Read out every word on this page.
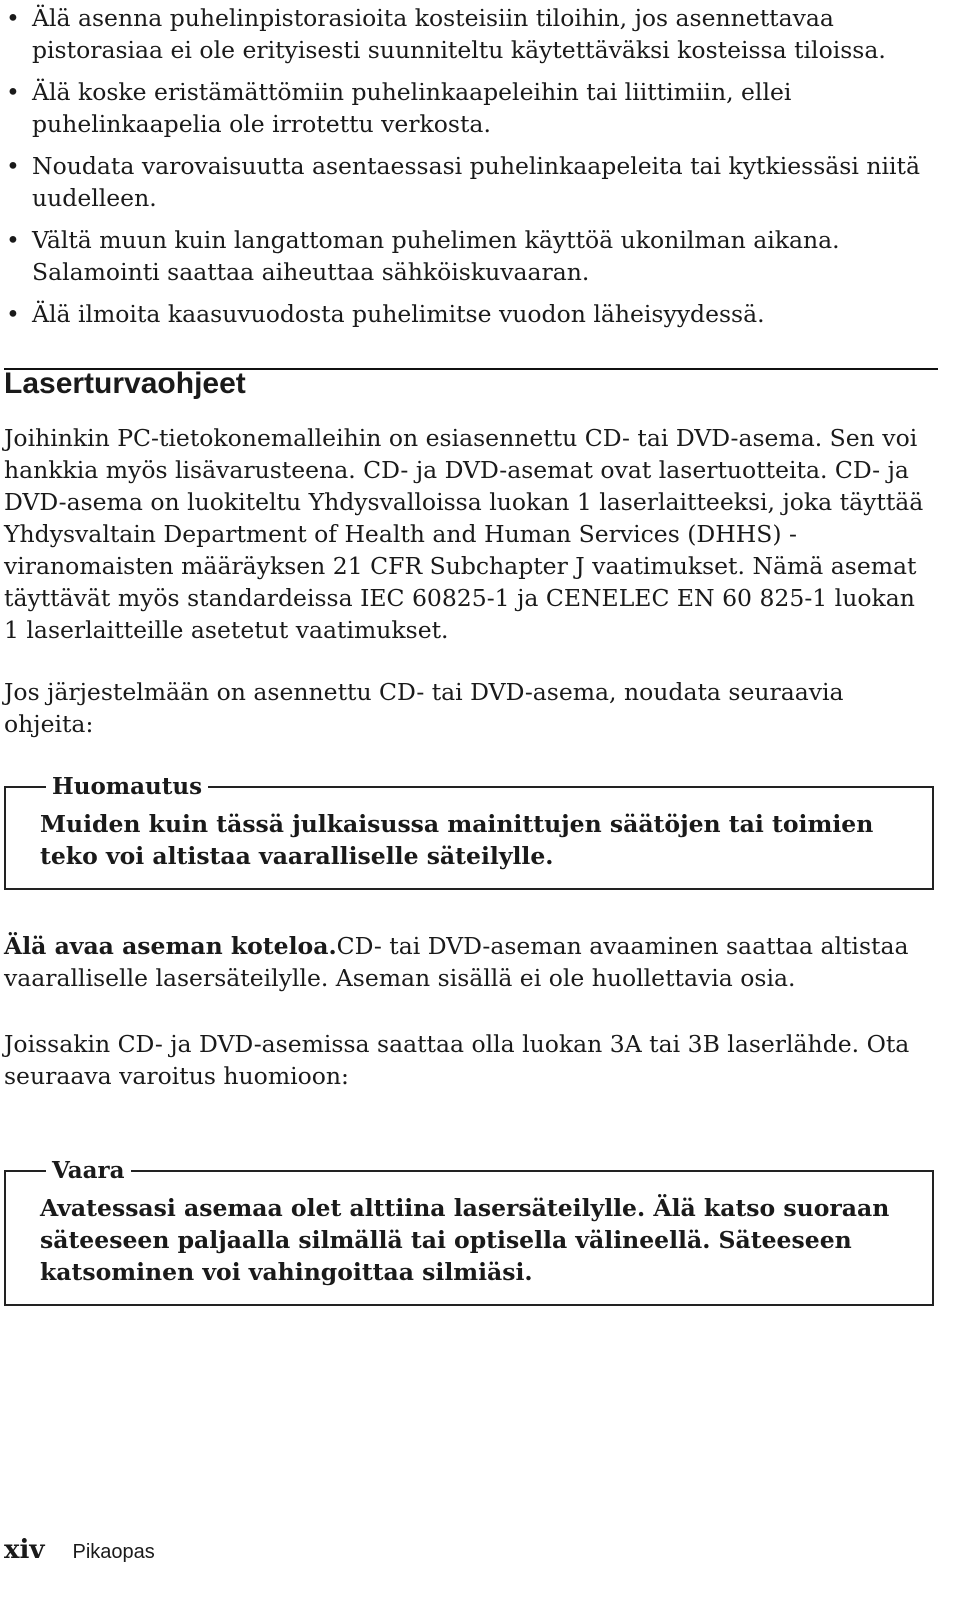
• Älä asenna puhelinpistorasioita kosteisiin tiloihin, jos asennettavaa pistorasiaa ei ole erityisesti suunniteltu käytettäväksi kosteissa tiloissa.
• Älä koske eristämättömiin puhelinkaapeleihin tai liittimiin, ellei puhelinkaapelia ole irrotettu verkosta.
• Noudata varovaisuutta asentaessasi puhelinkaapeleita tai kytkiessäsi niitä uudelleen.
• Vältä muun kuin langattoman puhelimen käyttöä ukonilman aikana. Salamointi saattaa aiheuttaa sähköiskuvaaran.
• Älä ilmoita kaasuvuodosta puhelimitse vuodon läheisyydessä.
Laserturvaohjeet

Joihinkin PC-tietokonemalleihin on esiasennettu CD- tai DVD-asema. Sen voi hankkia myös lisävarusteena. CD- ja DVD-asemat ovat lasertuotteita. CD- ja DVD-asema on luokiteltu Yhdysvalloissa luokan 1 laserlaitteeksi, joka täyttää Yhdysvaltain Department of Health and Human Services (DHHS) -viranomaisten määräyksen 21 CFR Subchapter J vaatimukset. Nämä asemat täyttävät myös standardeissa IEC 60825-1 ja CENELEC EN 60 825-1 luokan 1 laserlaitteille asetetut vaatimukset.

Jos järjestelmään on asennettu CD- tai DVD-asema, noudata seuraavia ohjeita:

Huomautus

Muiden kuin tässä julkaisussa mainittujen säätöjen tai toimien teko voi altistaa vaaralliselle säteilylle.

Älä avaa aseman koteloa.CD- tai DVD-aseman avaaminen saattaa altistaa vaaralliselle lasersäteilylle. Aseman sisällä ei ole huollettavia osia.

Joissakin CD- ja DVD-asemissa saattaa olla luokan 3A tai 3B laserlähde. Ota seuraava varoitus huomioon:

Vaara

Avatessasi asemaa olet alttiina lasersäteilylle. Älä katso suoraan säteeseen paljaalla silmällä tai optisella välineellä. Säteeseen katsominen voi vahingoittaa silmiäsi.

xiv Pikaopas
